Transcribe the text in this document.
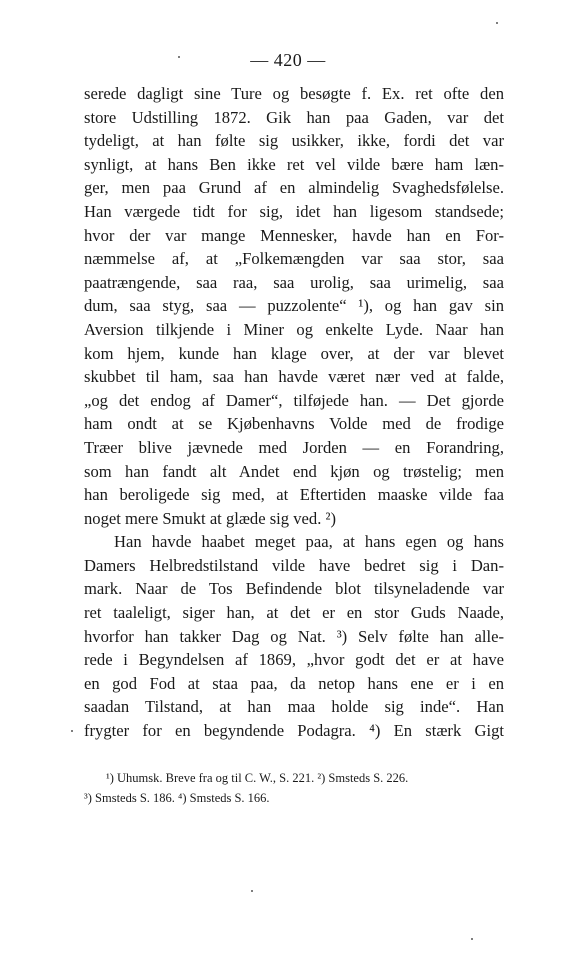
— 420 —
serede dagligt sine Ture og besøgte f. Ex. ret ofte den
store Udstilling 1872. Gik han paa Gaden, var det
tydeligt, at han følte sig usikker, ikke, fordi det var
synligt, at hans Ben ikke ret vel vilde bære ham læn-
ger, men paa Grund af en almindelig Svaghedsfølelse.
Han værgede tidt for sig, idet han ligesom standsede;
hvor der var mange Mennesker, havde han en For-
næmmelse af, at „Folkemængden var saa stor, saa
paatrængende, saa raa, saa urolig, saa urimelig, saa
dum, saa styg, saa — puzzolente“ ¹), og han gav sin
Aversion tilkjende i Miner og enkelte Lyde. Naar han
kom hjem, kunde han klage over, at der var blevet
skubbet til ham, saa han havde været nær ved at falde,
„og det endog af Damer“, tilføjede han. — Det gjorde
ham ondt at se Kjøbenhavns Volde med de frodige
Træer blive jævnede med Jorden — en Forandring,
som han fandt alt Andet end kjøn og trøstelig; men
han beroligede sig med, at Eftertiden maaske vilde faa
noget mere Smukt at glæde sig ved. ²)
Han havde haabet meget paa, at hans egen og hans
Damers Helbredstilstand vilde have bedret sig i Dan-
mark. Naar de Tos Befindende blot tilsyneladende var
ret taaleligt, siger han, at det er en stor Guds Naade,
hvorfor han takker Dag og Nat. ³) Selv følte han alle-
rede i Begyndelsen af 1869, „hvor godt det er at have
en god Fod at staa paa, da netop hans ene er i en
saadan Tilstand, at han maa holde sig inde“. Han
frygter for en begyndende Podagra. ⁴) En stærk Gigt
¹) Uhumsk. Breve fra og til C. W., S. 221. ²) Smsteds S. 226.
³) Smsteds S. 186. ⁴) Smsteds S. 166.
